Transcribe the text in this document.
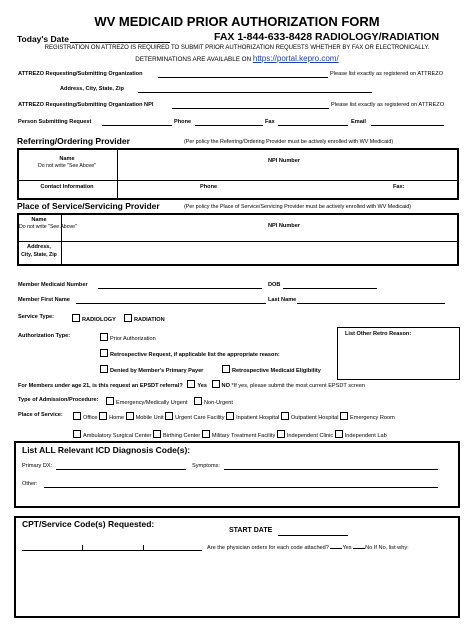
WV MEDICAID PRIOR AUTHORIZATION FORM
Today's Date	FAX 1-844-633-8428 RADIOLOGY/RADIATION
REGISTRATION ON ATTREZO IS REQUIRED TO SUBMIT PRIOR AUTHORIZATION REQUESTS WHETHER BY FAX OR ELECTRONICALLY.
DETERMINATIONS ARE AVAILABLE ON https://portal.kepro.com/
ATTREZO Requesting/Submitting Organization	Please list exactly as registered on ATTREZO
Address, City, State, Zip
ATTREZO Requesting/Submitting Organization NPI	Please list exactly as registered on ATTREZO
Person Submitting Request	Phone	Fax	Email
Referring/Ordering Provider	(Per policy the Referring/Ordering Provider must be actively enrolled with WV Medicaid)
Name
Do not write "See Above"
NPI Number
Contact Information	Phone	Fax:
Place of Service/Servicing Provider	(Per policy the Place of Service/Servicing Provider must be actively enrolled with WV Medicaid)
Name
Do not write "See Above"	NPI Number
Address,
City, State, Zip
Member Medicaid Number	DOB
Member First Name	Last Name
Service Type:	RADIOLOGY	RADIATION
Authorization Type:	Prior Authorization
Retrospective Request, if applicable list the appropriate reason:
Denied by Member's Primary Payer	Retrospective Medicaid Eligibility
List Other Retro Reason:
For Members under age 21, is this request an EPSDT referral?	Yes	NO *If yes, please submit the most current EPSDT screen
Type of Admission/Procedure:	Emergency/Medically Urgent	Non-Urgent
Place of Service:	Office Home Mobile Unit Urgent Care Facility Inpatient Hospital Outpatient Hospital Emergency Room
Ambulatory Surgical Center Birthing Center Military Treatment Facility Independent Clinic Independent Lab
List ALL Relevant ICD Diagnosis Code(s):
Primary DX:	Symptoms:
Other:
CPT/Service Code(s) Requested:
START DATE
Are the physician orders for each code attached? Yes No If No, list why:
